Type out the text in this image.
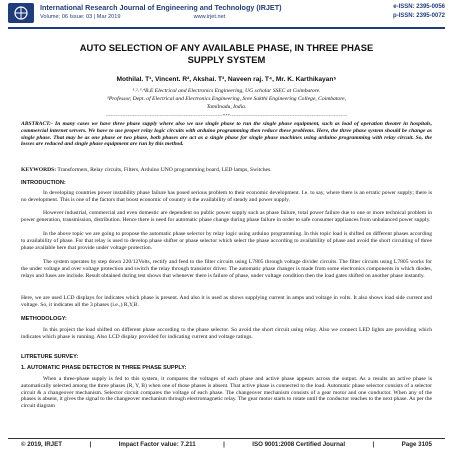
International Research Journal of Engineering and Technology (IRJET)
Volume: 06 Issue: 03 | Mar 2019	www.irjet.net
e-ISSN: 2395-0056
p-ISSN: 2395-0072
AUTO SELECTION OF ANY AVAILABLE PHASE, IN THREE PHASE
SUPPLY SYSTEM
Mothilal. T¹, Vincent. R², Akshai. T³, Naveen raj. T⁴, Mr. K. Karthikayan⁵
¹˒²˒³˒⁴B.E Electrical and Electronics Engineering, UG scholar SSEC at Coimbatore.
⁵Professor, Dept. of Electrical and Electronics Engineering, Sree Sakthi Engineering College, Coimbatore,
Tamilnadu, India.
---------------------------------------------------------------------***---------------------------------------------------------------------
ABSTRACT:- In many cases we have three phase supply where also we use single phase to run the single phase equipment, such as load of operation theater in hospitals, commercial internet servers. We have to use proper relay logic circuits with arduino programming then reduce these problems. Here, the three phase system should be change as single phase. That may be as one phase or two phase, both phases are act as a single phase for single phase machines using arduino programming with relay circuit. So, the losses are reduced and single phase equipment are run by this method.
KEYWORDS: Transformers, Relay circuits, Filters, Arduino UNO programming board, LED lamps, Switches.
INTRODUCTION:
In developing countries power instability phase failure has posed serious problem to their economic development. I.e. to say, where there is an erratic power supply; there is no development. This is one of the factors that boost economic of country is the availability of steady and power supply.
However industrial, commercial and even domestic are dependent on public power supply such as phase failure, total power failure due to one or more technical problem in power generation, transmission, distribution. Hence there is need for automatic phase change during phase failure in order to safe consumer appliances from unbalanced power supply.
In the above topic we are going to propose the automatic phase selector by relay logic using arduino programming. In this topic load is shifted on different phases according to availability of phase. For that relay is used to develop phase shifter or phase selector which select the phase according to availability of phase and avoid the short circuiting of three phase available here that provide under voltage protection.
The system operates by step down 220/12Volts, rectify and feed to the filter circuits using L7805 through voltage divider circuits. The filter circuits using L7805 works for the under voltage and over voltage protection and switch the relay through transistor driver. The automatic phase changer is made from some electronics components in which diodes, relays and fuses are include. Result obtained during test shows that whenever there is failure of phase, under voltage condition then the load gates shifted on another phase instantly.
Here, we are used LCD displays for indicates which phase is present. And also it is used as shows supplying current in amps and voltage in volts. It also shows load side current and voltage. So, it indicates all the 3 phases (i.e.,) R,Y,B.
METHODOLOGY:
In this project the load shifted on different phase according to the phase selector. So avoid the short circuit using relay. Also we connect LED lights are providing which indicates which phase is running. Also LCD display provided for indicating current and voltage ratings.
LITRETURE SURVEY:
1. AUTOMATIC PHASE DETECTOR IN THREE PHASE SUPPLY:
When a three-phase supply is fed to this system, it compares the voltages of each phase and active phase appears across the output. As a results an active phase is automatically selected among the three phases (R, Y, B) when one of those phases is absent. That active phase is connected to the load. Automatic phase selector consists of a selector circuit & a changeover mechanism. Selector circuit compares the voltage of each phase. The changeover mechanism consists of a gear motor and one conductor. When any of the phases is absent, it gives the signal to the changeover mechanism through electromagnetic relay. The gear motor starts to rotate until the conductor reaches to the next phase. As per the circuit diagram
© 2019, IRJET	|	Impact Factor value: 7.211	|	ISO 9001:2008 Certified Journal	|	Page 3105
